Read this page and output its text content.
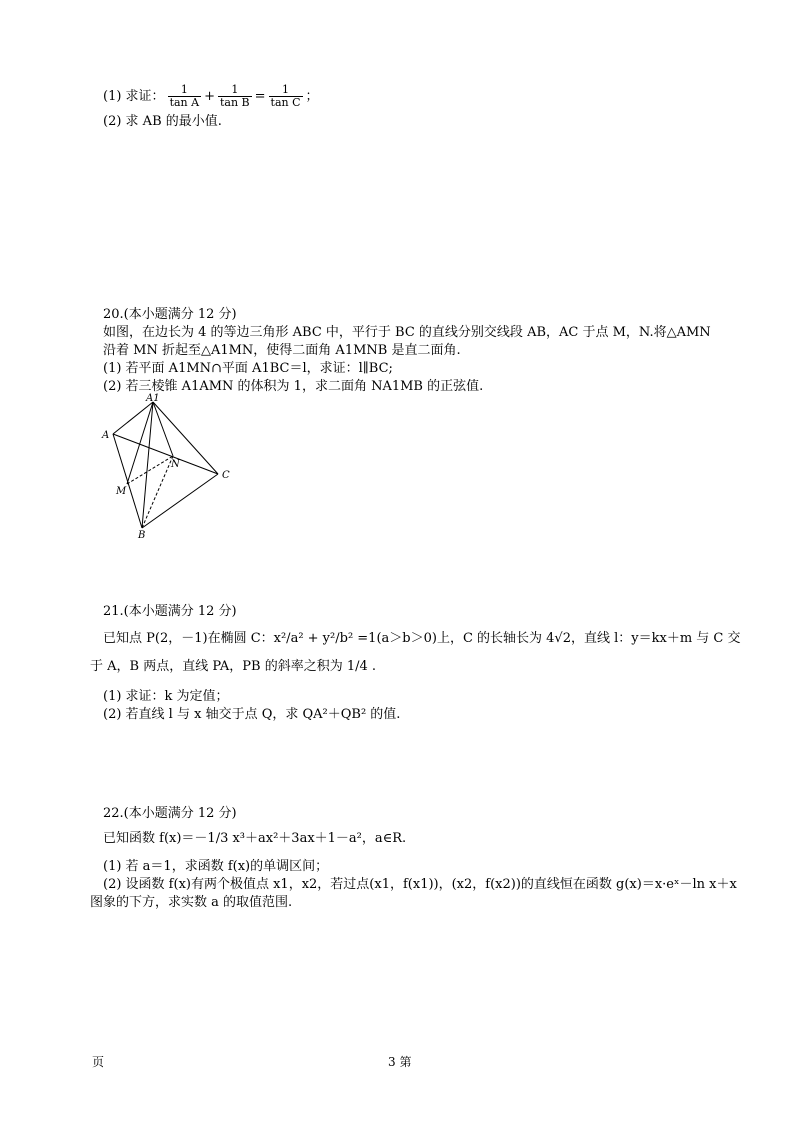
(1) 求证： $\frac{1}{\text{tan A}} + \frac{1}{\text{tan B}} = \frac{1}{\text{tan C}}$ ；
(2) 求 AB 的最小值.
20.(本小题满分 12 分)
如图，在边长为 4 的等边三角形 ABC 中，平行于 BC 的直线分别交线段 AB，AC 于点 M，N.将△AMN
沿着 MN 折起至△A1MN，使得二面角 A1MNB 是直二面角.
(1) 若平面 A1MN∩平面 A1BC＝l，求证：l∥BC;
(2) 若三棱锥 A1AMN 的体积为 1，求二面角 NA1MB 的正弦值.
A1
A
N
C
M
B
21.(本小题满分 12 分)
已知点 P(2，－1)在椭圆 C：x²/a² + y²/b² =1(a＞b＞0)上，C 的长轴长为 4√2，直线 l：y＝kx＋m 与 C 交
于 A，B 两点，直线 PA，PB 的斜率之积为 1/4 .
(1) 求证：k 为定值；
(2) 若直线 l 与 x 轴交于点 Q，求 QA²＋QB² 的值.
22.(本小题满分 12 分)
已知函数 f(x)＝－1/3 x³＋ax²＋3ax＋1－a²，a∈R.
(1) 若 a＝1，求函数 f(x)的单调区间；
(2) 设函数 f(x)有两个极值点 x1，x2，若过点(x1，f(x1))，(x2，f(x2))的直线恒在函数 g(x)＝x·eˣ－ln x＋x
图象的下方，求实数 a 的取值范围.
页	3 第
